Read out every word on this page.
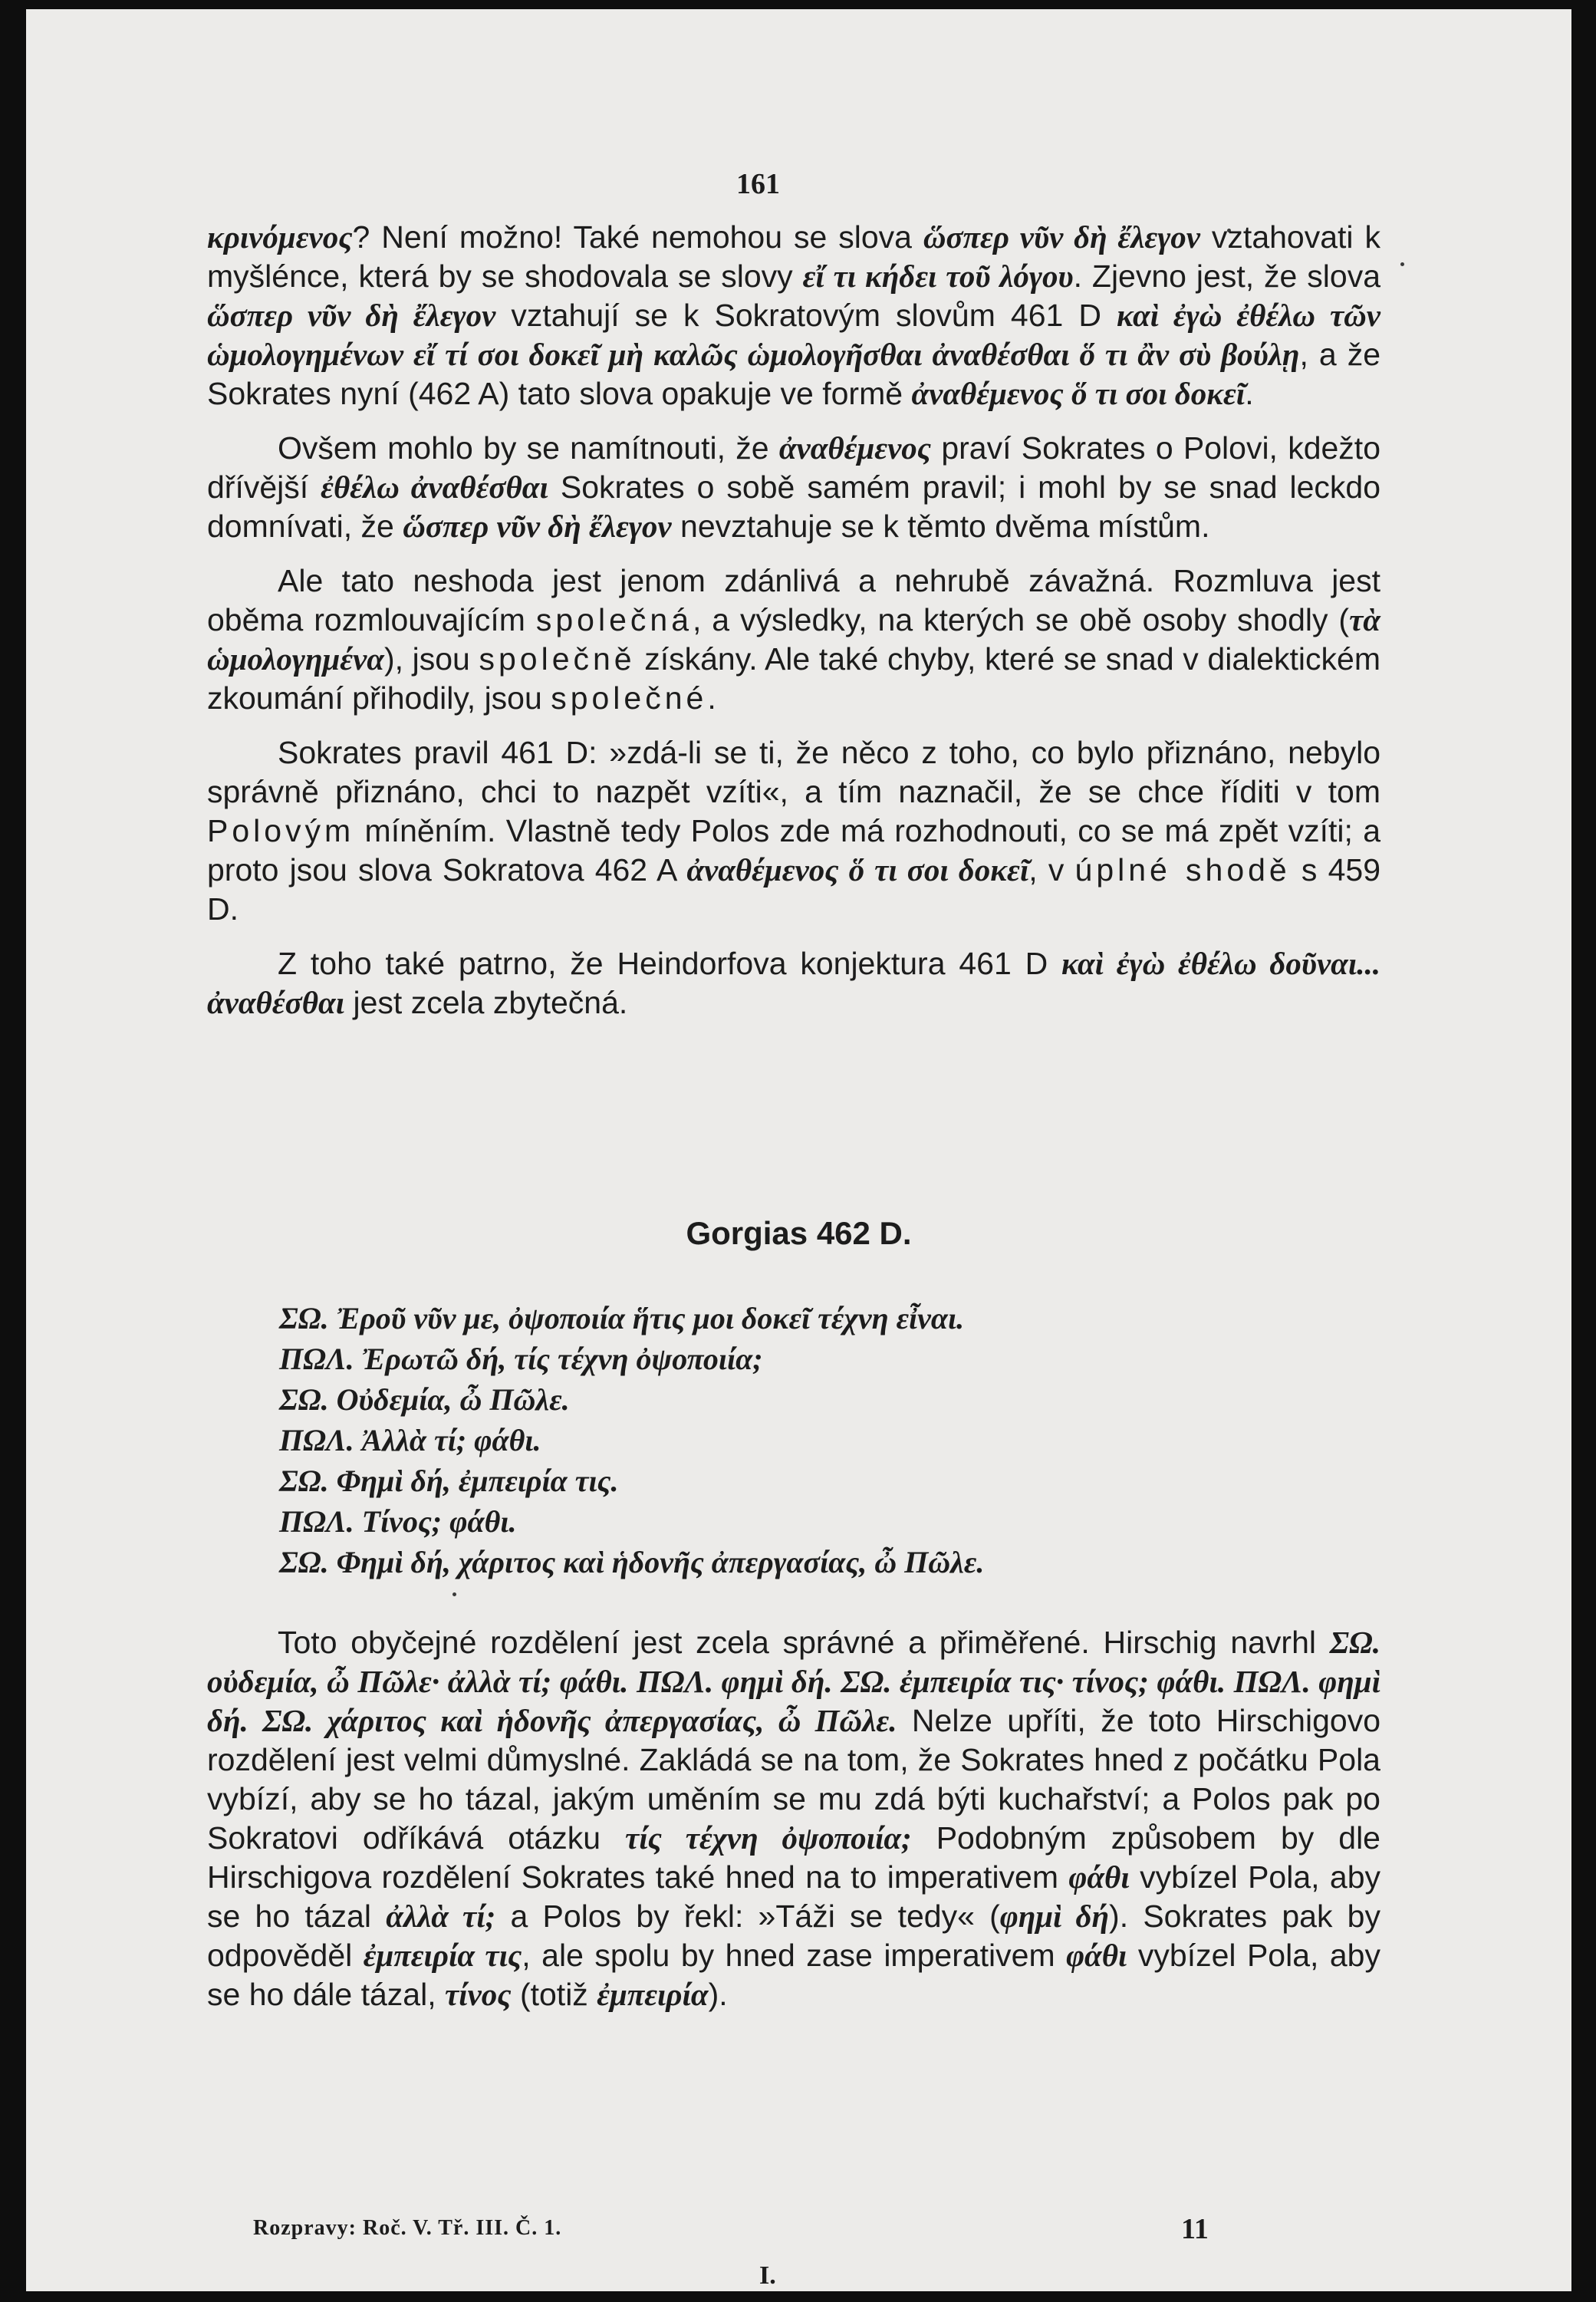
161

κρινόμενος? Není možno! Také nemohou se slova ὥσπερ νῦν δὴ ἔλεγον vztahovati k myšlénce, která by se shodovala se slovy εἴ τι κήδει τοῦ λόγου. Zjevno jest, že slova ὥσπερ νῦν δὴ ἔλεγον vztahují se k Sokratovým slovům 461 D καὶ ἐγὼ ἐθέλω τῶν ὡμολογημένων εἴ τί σοι δοκεῖ μὴ καλῶς ὡμολογῆσθαι ἀναθέσθαι ὅ τι ἂν σὺ βούλῃ, a že Sokrates nyní (462 A) tato slova opakuje ve formě ἀναθέμενος ὅ τι σοι δοκεῖ.

Ovšem mohlo by se namítnouti, že ἀναθέμενος praví Sokrates o Polovi, kdežto dřívější ἐθέλω ἀναθέσθαι Sokrates o sobě samém pravil; i mohl by se snad leckdo domnívati, že ὥσπερ νῦν δὴ ἔλεγον nevztahuje se k těmto dvěma místům.

Ale tato neshoda jest jenom zdánlivá a nehrubě závažná. Rozmluva jest oběma rozmlouvajícím společná, a výsledky, na kterých se obě osoby shodly (τὰ ὡμολογημένα), jsou společně získány. Ale také chyby, které se snad v dialektickém zkoumání přihodily, jsou společné.

Sokrates pravil 461 D: »zdá-li se ti, že něco z toho, co bylo přiznáno, nebylo správně přiznáno, chci to nazpět vzíti«, a tím naznačil, že se chce říditi v tom Polovým míněním. Vlastně tedy Polos zde má rozhodnouti, co se má zpět vzíti; a proto jsou slova Sokratova 462 A ἀναθέμενος ὅ τι σοι δοκεῖ, v úplné shodě s 459 D.

Z toho také patrno, že Heindorfova konjektura 461 D καὶ ἐγὼ ἐθέλω δοῦναι... ἀναθέσθαι jest zcela zbytečná.

Gorgias 462 D.
ΣΩ. Ἐροῦ νῦν με, ὀψοποιία ἥτις μοι δοκεῖ τέχνη εἶναι.
ΠΩΛ. Ἐρωτῶ δή, τίς τέχνη ὀψοποιία;
ΣΩ. Οὐδεμία, ὦ Πῶλε.
ΠΩΛ. Ἀλλὰ τί; φάθι.
ΣΩ. Φημὶ δή, ἐμπειρία τις.
ΠΩΛ. Τίνος; φάθι.
ΣΩ. Φημὶ δή, χάριτος καὶ ἡδονῆς ἀπεργασίας, ὦ Πῶλε.

Toto obyčejné rozdělení jest zcela správné a přiměřené. Hirschig navrhl ΣΩ. οὐδεμία, ὦ Πῶλε· ἀλλὰ τί; φάθι. ΠΩΛ. φημὶ δή. ΣΩ. ἐμπειρία τις· τίνος; φάθι. ΠΩΛ. φημὶ δή. ΣΩ. χάριτος καὶ ἡδονῆς ἀπεργασίας, ὦ Πῶλε. Nelze upříti, že toto Hirschigovo rozdělení jest velmi důmyslné. Zakládá se na tom, že Sokrates hned z počátku Pola vybízí, aby se ho tázal, jakým uměním se mu zdá býti kuchařství; a Polos pak po Sokratovi odříkává otázku τίς τέχνη ὀψοποιία; Podobným způsobem by dle Hirschigova rozdělení Sokrates také hned na to imperativem φάθι vybízel Pola, aby se ho tázal ἀλλὰ τί; a Polos by řekl: »Táži se tedy« (φημὶ δή). Sokrates pak by odpověděl ἐμπειρία τις, ale spolu by hned zase imperativem φάθι vybízel Pola, aby se ho dále tázal, τίνος (totiž ἐμπειρία).

Rozpravy: Roč. V. Tř. III. Č. 1.	11
I.
